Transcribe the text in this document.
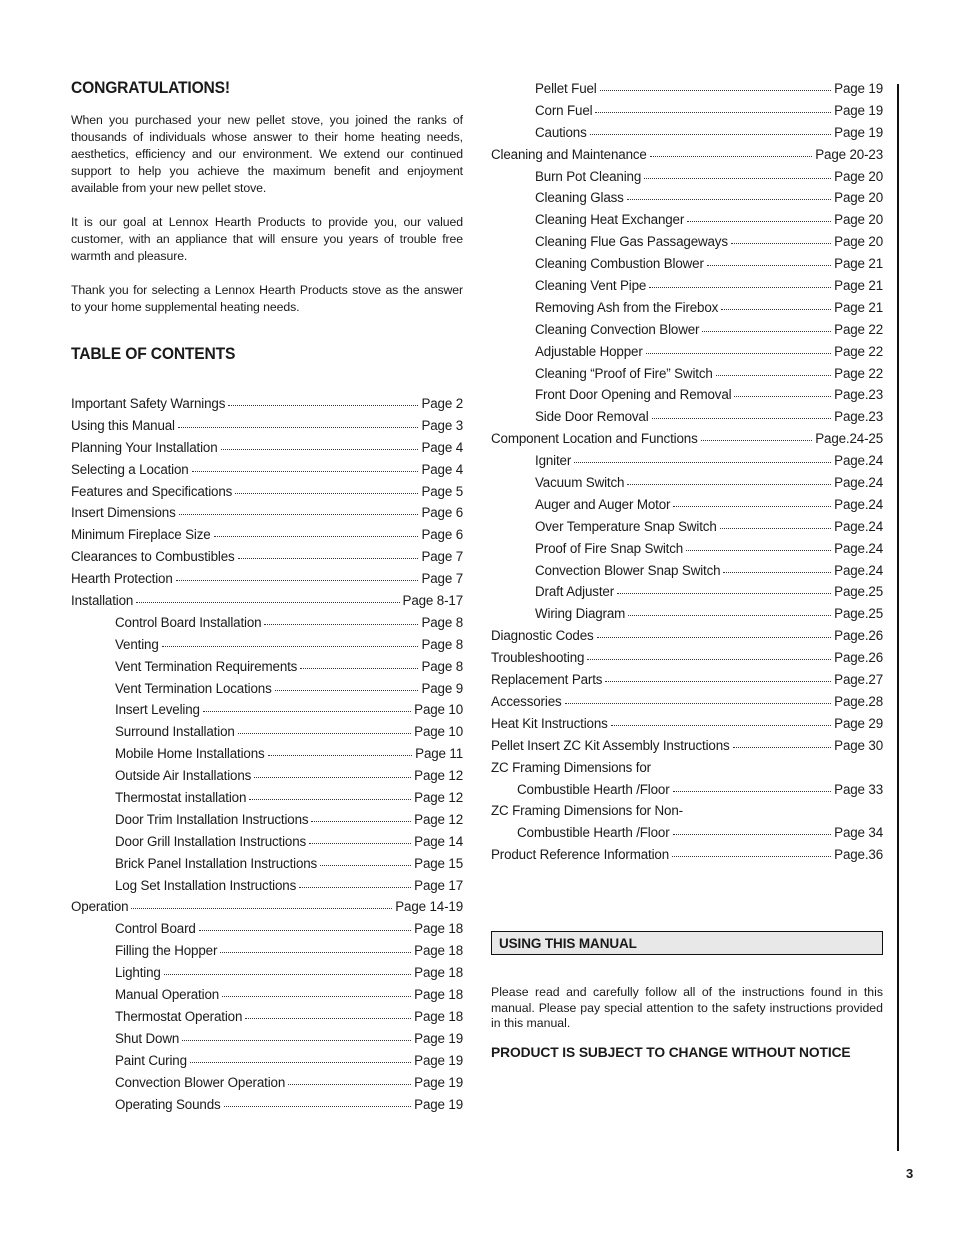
CONGRATULATIONS!

When you purchased your new pellet stove, you joined the ranks of thousands of individuals whose answer to their home heating needs, aesthetics, efficiency and our environment. We extend our continued support to help you achieve the maximum benefit and enjoyment available from your new pellet stove.

It is our goal at Lennox Hearth Products to provide you, our valued customer, with an appliance that will ensure you years of trouble free warmth and pleasure.

Thank you for selecting a Lennox Hearth Products stove as the answer to your home supplemental heating needs.

TABLE OF CONTENTS
Important Safety Warnings	Page 2
Using this Manual	Page 3
Planning Your Installation	Page 4
Selecting a Location	Page 4
Features and Specifications	Page 5
Insert Dimensions	Page 6
Minimum Fireplace Size	Page 6
Clearances to Combustibles	Page 7
Hearth Protection	Page 7
Installation	Page 8-17
Control Board Installation	Page 8
Venting	Page 8
Vent Termination Requirements	Page 8
Vent Termination Locations	Page 9
Insert Leveling	Page 10
Surround Installation	Page 10
Mobile Home Installations	Page 11
Outside Air Installations	Page 12
Thermostat installation	Page 12
Door Trim Installation Instructions	Page 12
Door Grill Installation Instructions	Page 14
Brick Panel Installation Instructions	Page 15
Log Set Installation Instructions	Page 17
Operation	Page 14-19
Control Board	Page 18
Filling the Hopper	Page 18
Lighting	Page 18
Manual Operation	Page 18
Thermostat Operation	Page 18
Shut Down	Page 19
Paint Curing	Page 19
Convection Blower Operation	Page 19
Operating Sounds	Page 19
Pellet Fuel	Page 19
Corn Fuel	Page 19
Cautions	Page 19
Cleaning and Maintenance	Page 20-23
Burn Pot Cleaning	Page 20
Cleaning Glass	Page 20
Cleaning Heat Exchanger	Page 20
Cleaning Flue Gas Passageways	Page 20
Cleaning Combustion Blower	Page 21
Cleaning Vent Pipe	Page 21
Removing Ash from the Firebox	Page 21
Cleaning Convection Blower	Page 22
Adjustable Hopper	Page 22
Cleaning “Proof of Fire” Switch	Page 22
Front Door Opening and Removal	Page.23
Side Door Removal	Page.23
Component Location and Functions	Page.24-25
Igniter	Page.24
Vacuum Switch	Page.24
Auger and Auger Motor	Page.24
Over Temperature Snap Switch	Page.24
Proof of Fire Snap Switch	Page.24
Convection Blower Snap Switch	Page.24
Draft Adjuster	Page.25
Wiring Diagram	Page.25
Diagnostic Codes	Page.26
Troubleshooting	Page.26
Replacement Parts	Page.27
Accessories	Page.28
Heat Kit Instructions	Page 29
Pellet Insert ZC Kit Assembly Instructions	Page 30
ZC Framing Dimensions for
Combustible Hearth /Floor	Page 33
ZC Framing Dimensions for Non-
Combustible Hearth /Floor	Page 34
Product Reference Information	Page.36
USING THIS MANUAL

Please read and carefully follow all of the instructions found in this manual. Please pay special attention to the safety instructions provided in this manual.

PRODUCT IS SUBJECT TO CHANGE WITHOUT NOTICE
3
